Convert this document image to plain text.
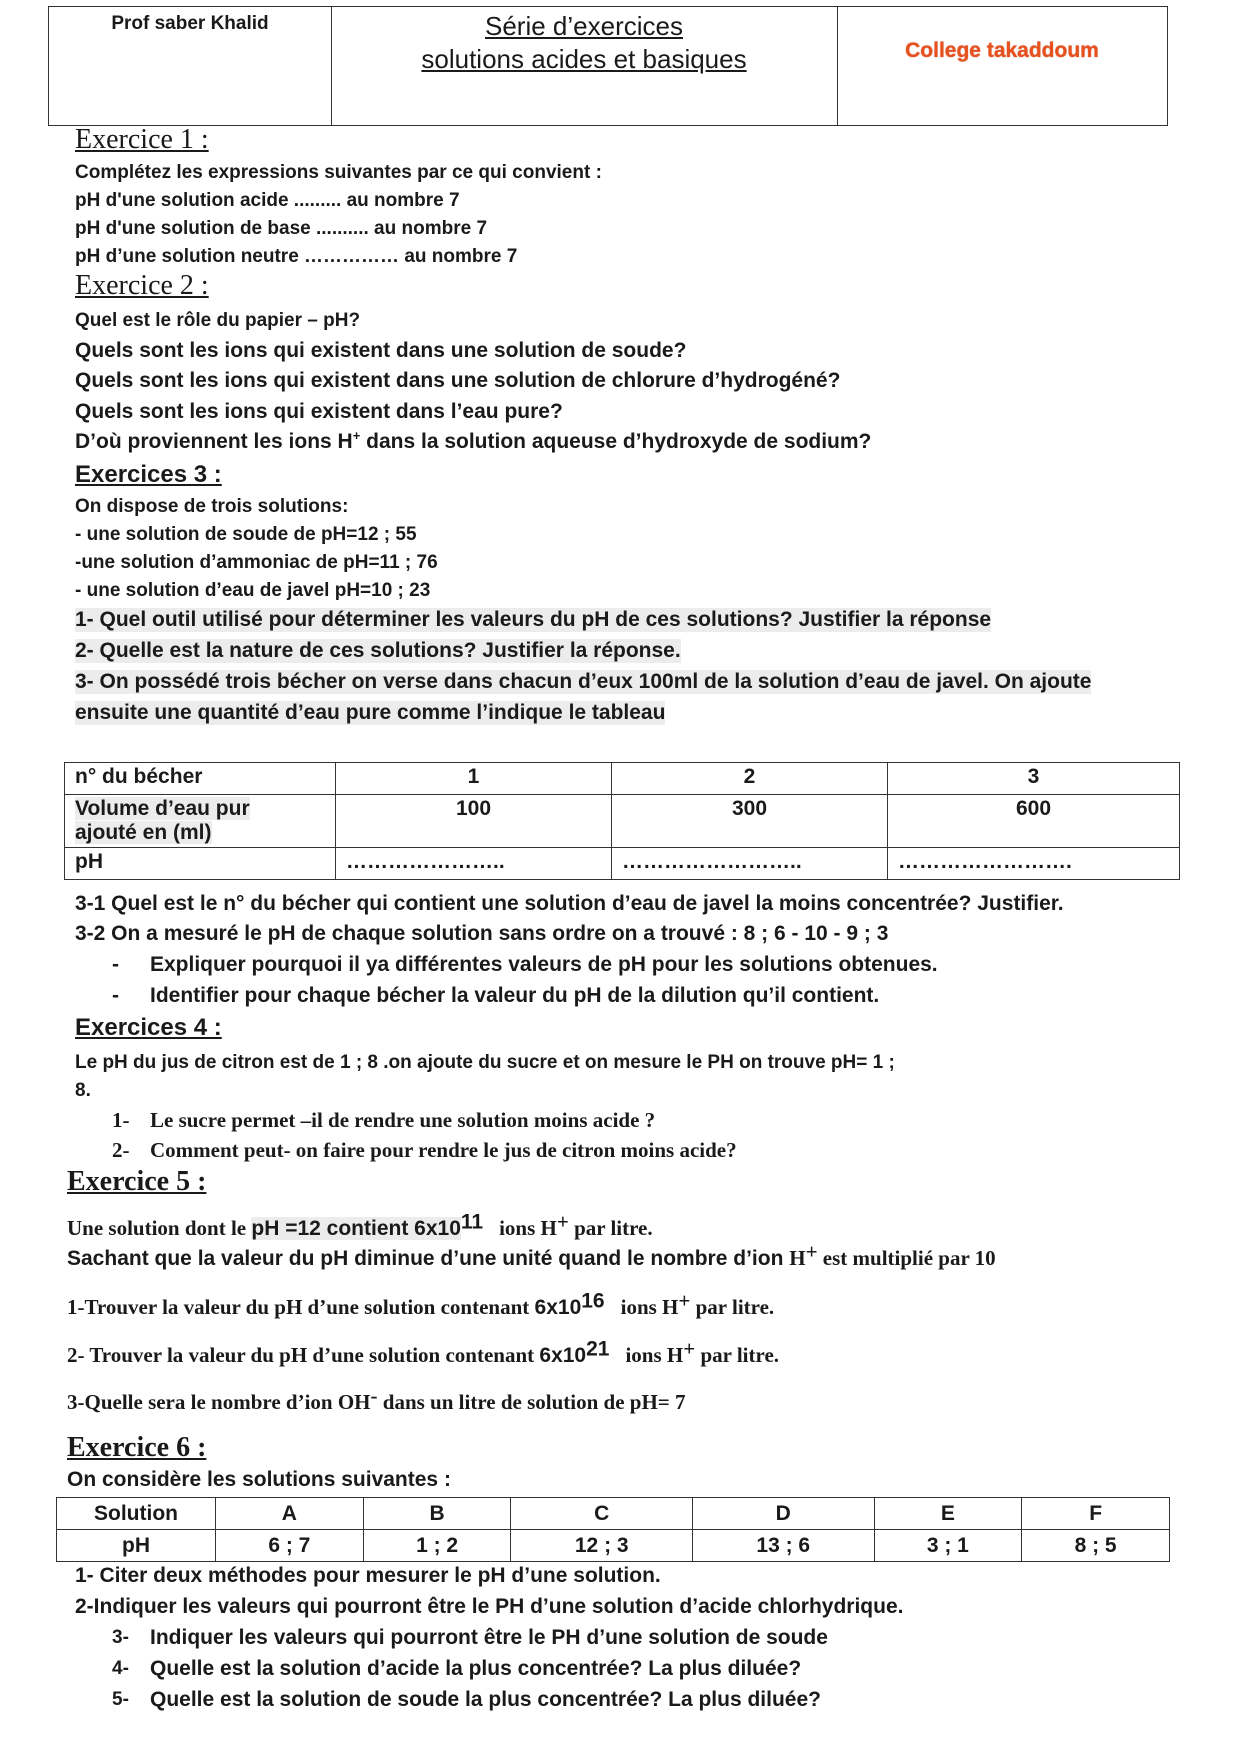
Prof saber Khalid	Série d’exercices
solutions acides et basiques	College takaddoum
Exercice 1 :
Complétez les expressions suivantes par ce qui convient :
pH d'une solution acide ......... au nombre 7
pH d'une solution de base .......... au nombre 7
pH d’une solution neutre …………… au nombre 7
Exercice 2 :
Quel est le rôle du papier – pH?
Quels sont les ions qui existent dans une solution de soude?
Quels sont les ions qui existent dans une solution de chlorure d’hydrogéné?
Quels sont les ions qui existent dans l’eau pure?
D’où proviennent les ions H+ dans la solution aqueuse d’hydroxyde de sodium?
Exercices 3 :
On dispose de trois solutions:
- une solution de soude de pH=12 ; 55
-une solution d’ammoniac de pH=11 ; 76
- une solution d’eau de javel pH=10 ; 23
1- Quel outil utilisé pour déterminer les valeurs du pH de ces solutions? Justifier la réponse
2- Quelle est la nature de ces solutions? Justifier la réponse.
3- On possédé trois bécher on verse dans chacun d’eux 100ml de la solution d’eau de javel. On ajoute
ensuite une quantité d’eau pure comme l’indique le tableau
n° du bécher	1	2	3
Volume d’eau pur
ajouté en (ml)	100	300	600
pH	…………………..	……………………..	…………………….
3-1 Quel est le n° du bécher qui contient une solution d’eau de javel la moins concentrée? Justifier.
3-2 On a mesuré le pH de chaque solution sans ordre on a trouvé : 8 ; 6 - 10 - 9 ; 3
- Expliquer pourquoi il ya différentes valeurs de pH pour les solutions obtenues.
- Identifier pour chaque bécher la valeur du pH de la dilution qu’il contient.
Exercices 4 :
Le pH du jus de citron est de 1 ; 8 .on ajoute du sucre et on mesure le PH on trouve pH= 1 ;
8.
1- Le sucre permet –il de rendre une solution moins acide ?
2- Comment peut- on faire pour rendre le jus de citron moins acide?
Exercice 5 :
Une solution dont le pH =12 contient $6x10^{11}$ ions H+ par litre.
Sachant que la valeur du pH diminue d’une unité quand le nombre d’ion H+ est multiplié par 10
1-Trouver la valeur du pH d’une solution contenant $6x10^{16}$ ions H+ par litre.
2- Trouver la valeur du pH d’une solution contenant $6x10^{21}$ ions H+ par litre.
3-Quelle sera le nombre d’ion OH- dans un litre de solution de pH= 7
Exercice 6 :
On considère les solutions suivantes :
Solution	A	B	C	D	E	F
pH	6 ; 7	1 ; 2	12 ; 3	13 ; 6	3 ; 1	8 ; 5
1- Citer deux méthodes pour mesurer le pH d’une solution.
2-Indiquer les valeurs qui pourront être le PH d’une solution d’acide chlorhydrique.
3- Indiquer les valeurs qui pourront être le PH d’une solution de soude
4- Quelle est la solution d’acide la plus concentrée? La plus diluée?
5- Quelle est la solution de soude la plus concentrée? La plus diluée?
